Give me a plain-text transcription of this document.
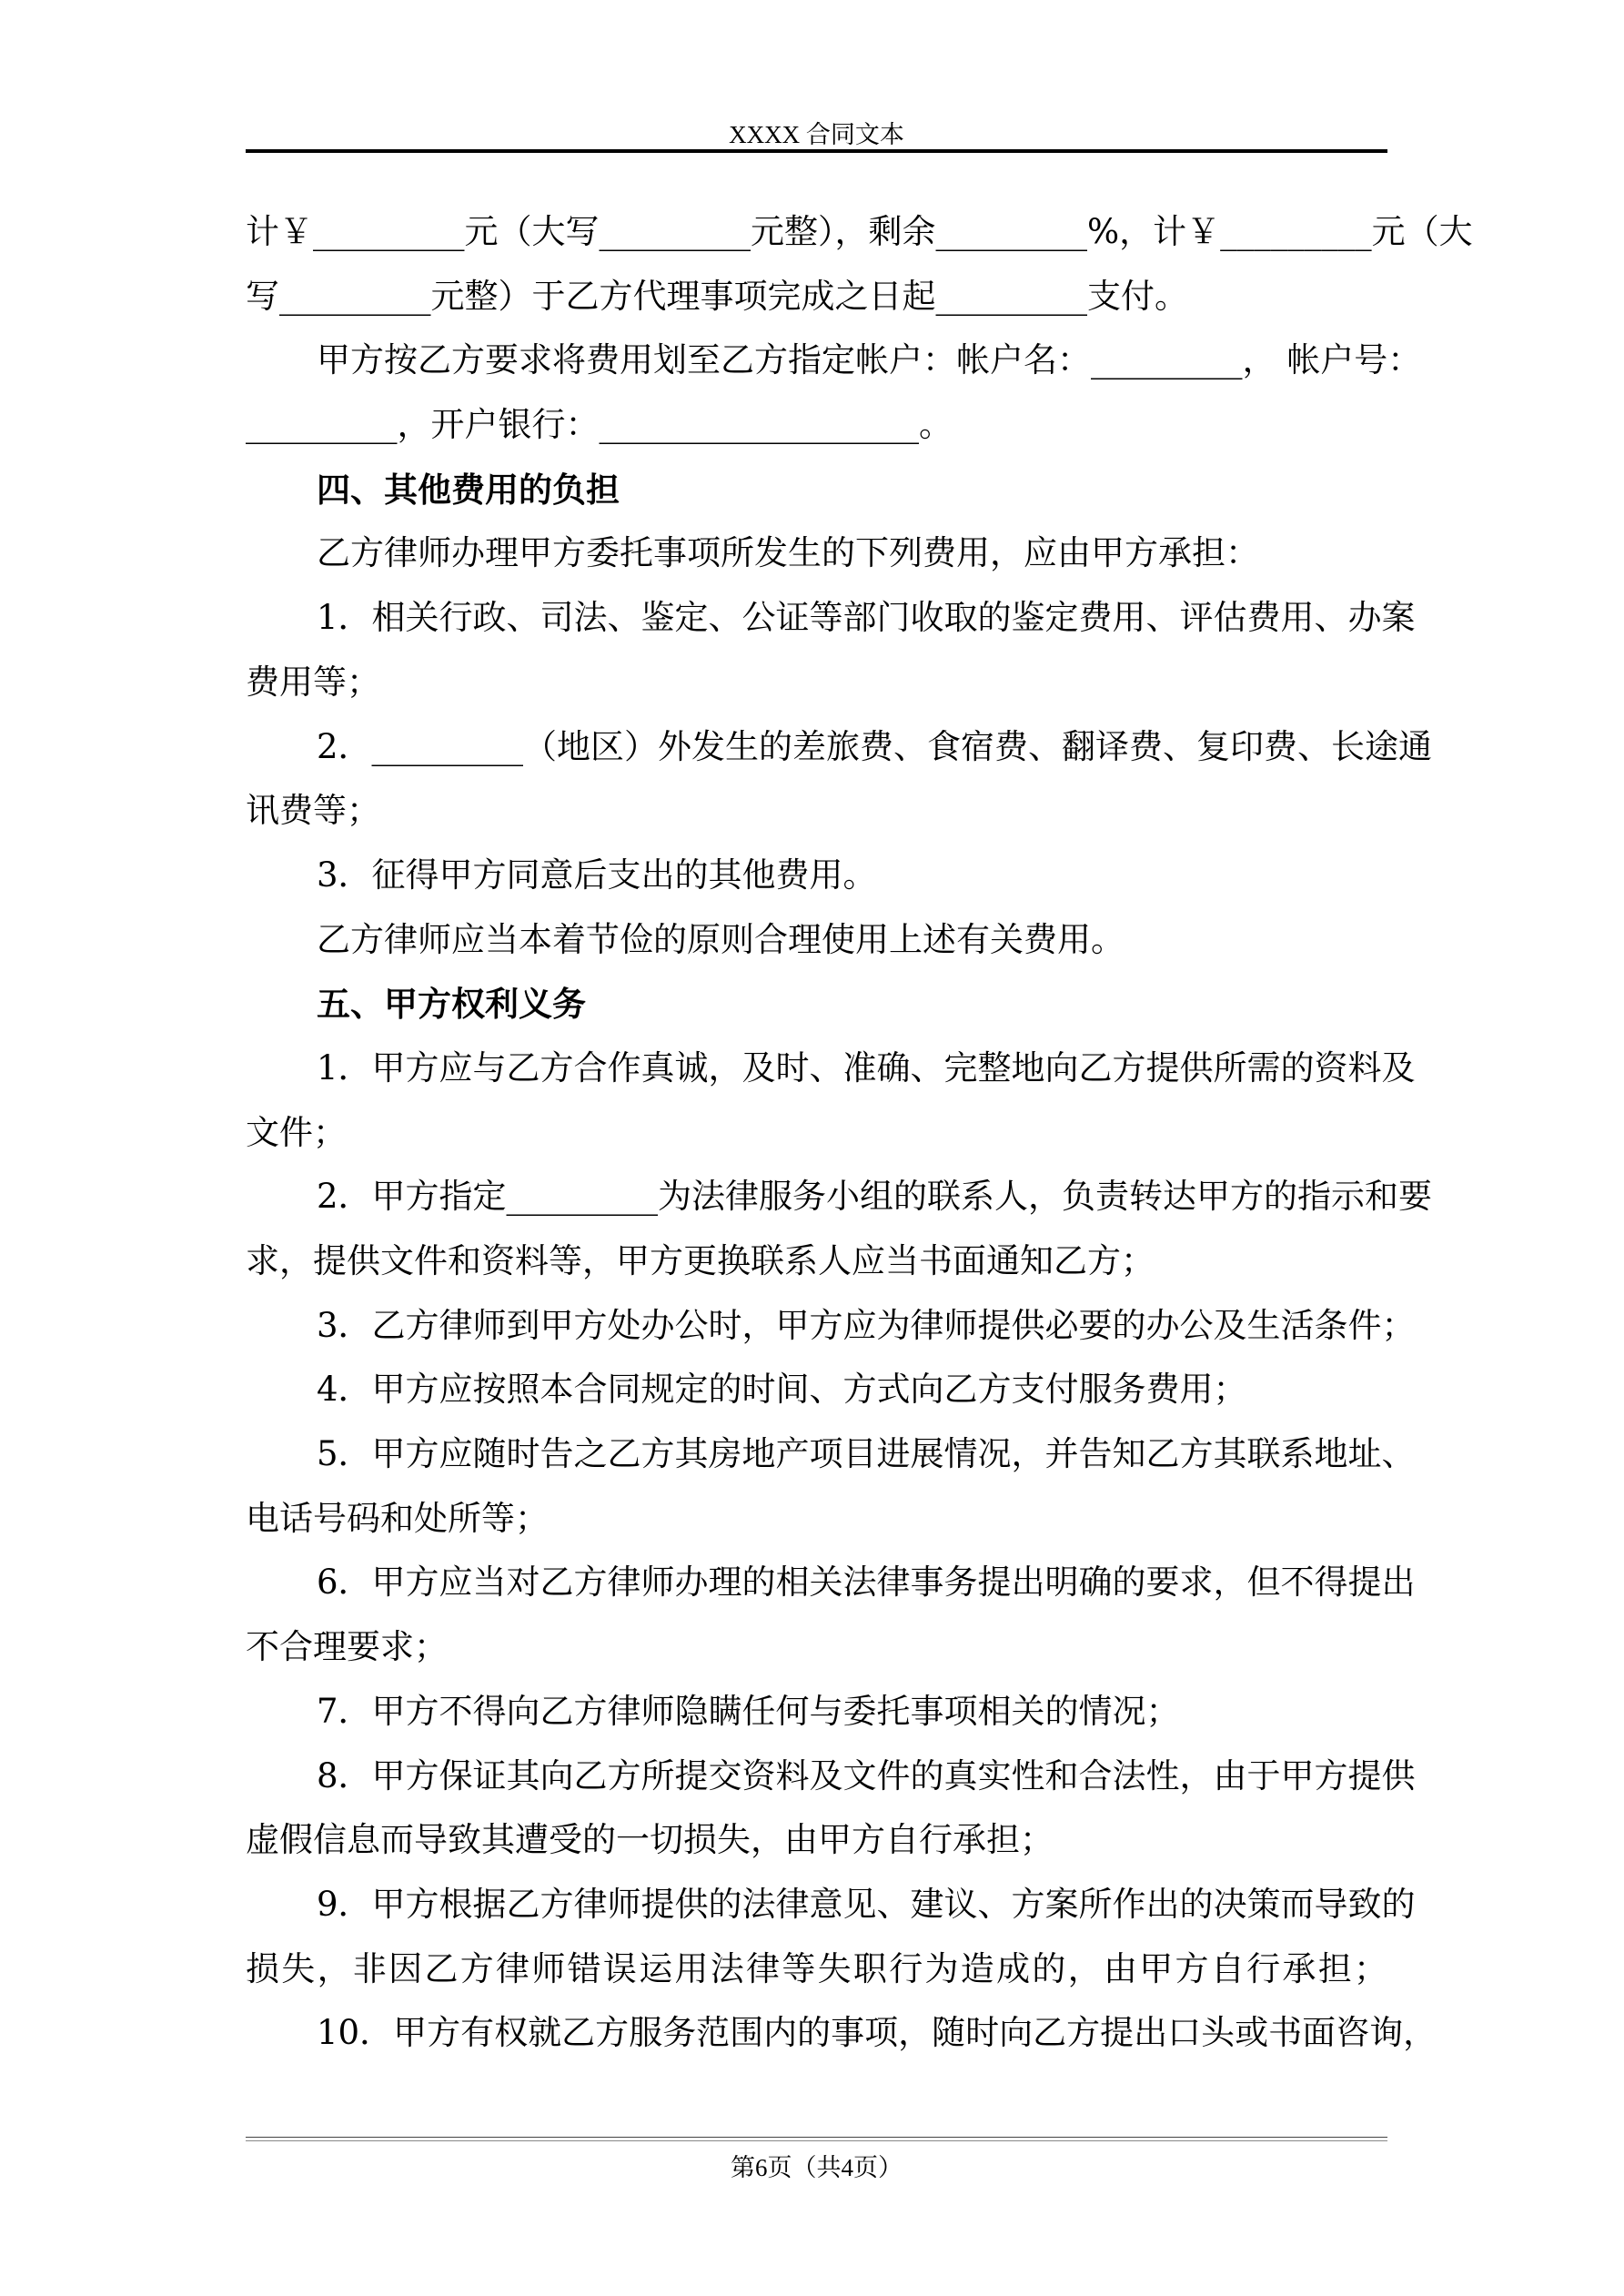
XXXX 合同文本
计￥_________元（大写_________元整），剩余_________%，计￥_________元（大
写_________元整）于乙方代理事项完成之日起_________支付。
甲方按乙方要求将费用划至乙方指定帐户：帐户名：_________， 帐户号：
_________，开户银行：___________________。
四、其他费用的负担
乙方律师办理甲方委托事项所发生的下列费用，应由甲方承担：
1．相关行政、司法、鉴定、公证等部门收取的鉴定费用、评估费用、办案
费用等；
2．_________（地区）外发生的差旅费、食宿费、翻译费、复印费、长途通
讯费等；
3．征得甲方同意后支出的其他费用。
乙方律师应当本着节俭的原则合理使用上述有关费用。
五、甲方权利义务
1．甲方应与乙方合作真诚，及时、准确、完整地向乙方提供所需的资料及
文件；
2．甲方指定_________为法律服务小组的联系人，负责转达甲方的指示和要
求，提供文件和资料等，甲方更换联系人应当书面通知乙方；
3．乙方律师到甲方处办公时，甲方应为律师提供必要的办公及生活条件；
4．甲方应按照本合同规定的时间、方式向乙方支付服务费用；
5．甲方应随时告之乙方其房地产项目进展情况，并告知乙方其联系地址、
电话号码和处所等；
6．甲方应当对乙方律师办理的相关法律事务提出明确的要求，但不得提出
不合理要求；
7．甲方不得向乙方律师隐瞒任何与委托事项相关的情况；
8．甲方保证其向乙方所提交资料及文件的真实性和合法性，由于甲方提供
虚假信息而导致其遭受的一切损失，由甲方自行承担；
9．甲方根据乙方律师提供的法律意见、建议、方案所作出的决策而导致的
损失，非因乙方律师错误运用法律等失职行为造成的，由甲方自行承担；
10．甲方有权就乙方服务范围内的事项，随时向乙方提出口头或书面咨询，
第6页（共4页）
